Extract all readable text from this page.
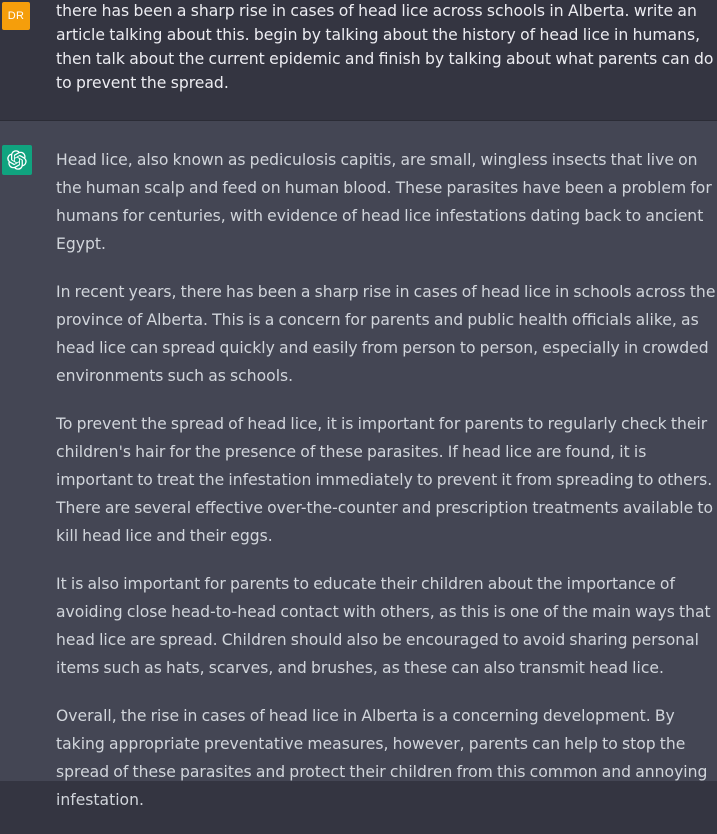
DR	there has been a sharp rise in cases of head lice across schools in Alberta. write an article talking about this. begin by talking about the history of head lice in humans, then talk about the current epidemic and finish by talking about what parents can do to prevent the spread.

Head lice, also known as pediculosis capitis, are small, wingless insects that live on the human scalp and feed on human blood. These parasites have been a problem for humans for centuries, with evidence of head lice infestations dating back to ancient Egypt.

In recent years, there has been a sharp rise in cases of head lice in schools across the province of Alberta. This is a concern for parents and public health officials alike, as head lice can spread quickly and easily from person to person, especially in crowded environments such as schools.

To prevent the spread of head lice, it is important for parents to regularly check their children's hair for the presence of these parasites. If head lice are found, it is important to treat the infestation immediately to prevent it from spreading to others. There are several effective over-the-counter and prescription treatments available to kill head lice and their eggs.

It is also important for parents to educate their children about the importance of avoiding close head-to-head contact with others, as this is one of the main ways that head lice are spread. Children should also be encouraged to avoid sharing personal items such as hats, scarves, and brushes, as these can also transmit head lice.

Overall, the rise in cases of head lice in Alberta is a concerning development. By taking appropriate preventative measures, however, parents can help to stop the spread of these parasites and protect their children from this common and annoying infestation.
